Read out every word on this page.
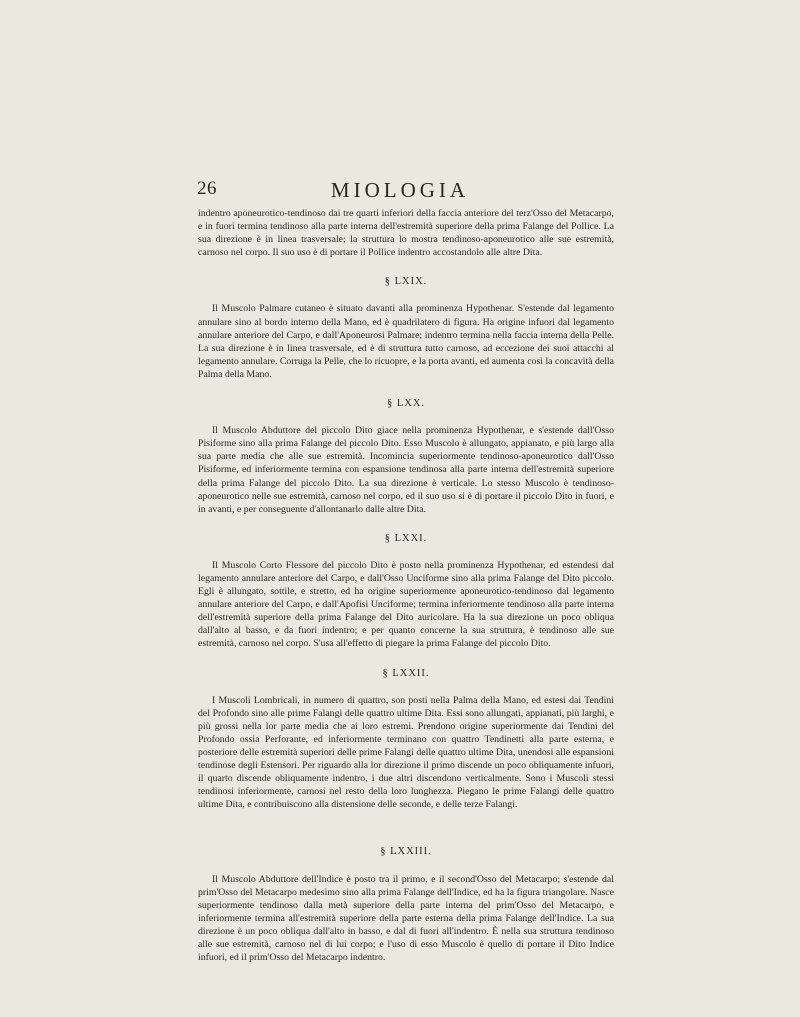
26	MIOLOGIA

indentro aponeurotico-tendinoso dai tre quarti inferiori della faccia anteriore del terz'Osso del Metacarpo, e in fuori termina tendinoso alla parte interna dell'estremità superiore della prima Falange del Pollice. La sua direzione è in linea trasversale; la struttura lo mostra tendinoso-aponeurotico alle sue estremità, carnoso nel corpo. Il suo uso è di portare il Pollice indentro accostandolo alle altre Dita.

§ LXIX.

Il Muscolo Palmare cutaneo è situato davanti alla prominenza Hypothenar. S'estende dal legamento annulare sino al bordo interno della Mano, ed è quadrilatero di figura. Ha origine infuori dal legamento annulare anteriore del Carpo, e dall'Aponeurosi Palmare; indentro termina nella faccia interna della Pelle. La sua direzione è in linea trasversale, ed è di struttura tutto carnoso, ad eccezione dei suoi attacchi al legamento annulare. Corruga la Pelle, che lo ricuopre, e la porta avanti, ed aumenta così la concavità della Palma della Mano.

§ LXX.

Il Muscolo Abduttore del piccolo Dito giace nella prominenza Hypothenar, e s'estende dall'Osso Pisiforme sino alla prima Falange del piccolo Dito. Esso Muscolo è allungato, appianato, e più largo alla sua parte media che alle sue estremità. Incomincia superiormente tendinoso-aponeurotico dall'Osso Pisiforme, ed inferiormente termina con espansione tendinosa alla parte interna dell'estremità superiore della prima Falange del piccolo Dito. La sua direzione è verticale. Lo stesso Muscolo è tendinoso-aponeurotico nelle sue estremità, carnoso nel corpo, ed il suo uso si è di portare il piccolo Dito in fuori, e in avanti, e per conseguente d'allontanarlo dalle altre Dita.

§ LXXI.

Il Muscolo Corto Flessore del piccolo Dito è posto nella prominenza Hypothenar, ed estendesi dal legamento annulare anteriore del Carpo, e dall'Osso Unciforme sino alla prima Falange del Dito piccolo. Egli è allungato, sottile, e stretto, ed ha origine superiormente aponeurotico-tendinoso dal legamento annulare anteriore del Carpo, e dall'Apofisi Unciforme; termina inferiormente tendinoso alla parte interna dell'estremità superiore della prima Falange del Dito auricolare. Ha la sua direzione un poco obliqua dall'alto al basso, e da fuori indentro; e per quanto concerne la sua struttura, è tendinoso alle sue estremità, carnoso nel corpo. S'usa all'effetto di piegare la prima Falange del piccolo Dito.

§ LXXII.

I Muscoli Lombricali, in numero di quattro, son posti nella Palma della Mano, ed estesi dai Tendini del Profondo sino alle prime Falangi delle quattro ultime Dita. Essi sono allungati, appianati, più larghi, e più grossi nella lor parte media che ai loro estremi. Prendono origine superiormente dai Tendini del Profondo ossia Perforante, ed inferiormente terminano con quattro Tendinetti alla parte esterna, e posteriore delle estremità superiori delle prime Falangi delle quattro ultime Dita, unendosi alle espansioni tendinose degli Estensori. Per riguardo alla lor direzione il primo discende un poco obliquamente infuori, il quarto discende obliquamente indentro, i due altri discendono verticalmente. Sono i Muscoli stessi tendinosi inferiormente, carnosi nel resto della loro lunghezza. Piegano le prime Falangi delle quattro ultime Dita, e contribuiscono alla distensione delle seconde, e delle terze Falangi.

§ LXXIII.

Il Muscolo Abduttore dell'Indice è posto tra il primo, e il second'Osso del Metacarpo; s'estende dal prim'Osso del Metacarpo medesimo sino alla prima Falange dell'Indice, ed ha la figura triangolare. Nasce superiormente tendinoso dalla metà superiore della parte interna del prim'Osso del Metacarpo, e inferiormente termina all'estremità superiore della parte esterna della prima Falange dell'Indice. La sua direzione è un poco obliqua dall'alto in basso, e dal di fuori all'indentro. È nella sua struttura tendinoso alle sue estremità, carnoso nel di lui corpo; e l'uso di esso Muscolo è quello di portare il Dito Indice infuori, ed il prim'Osso del Metacarpo indentro.
